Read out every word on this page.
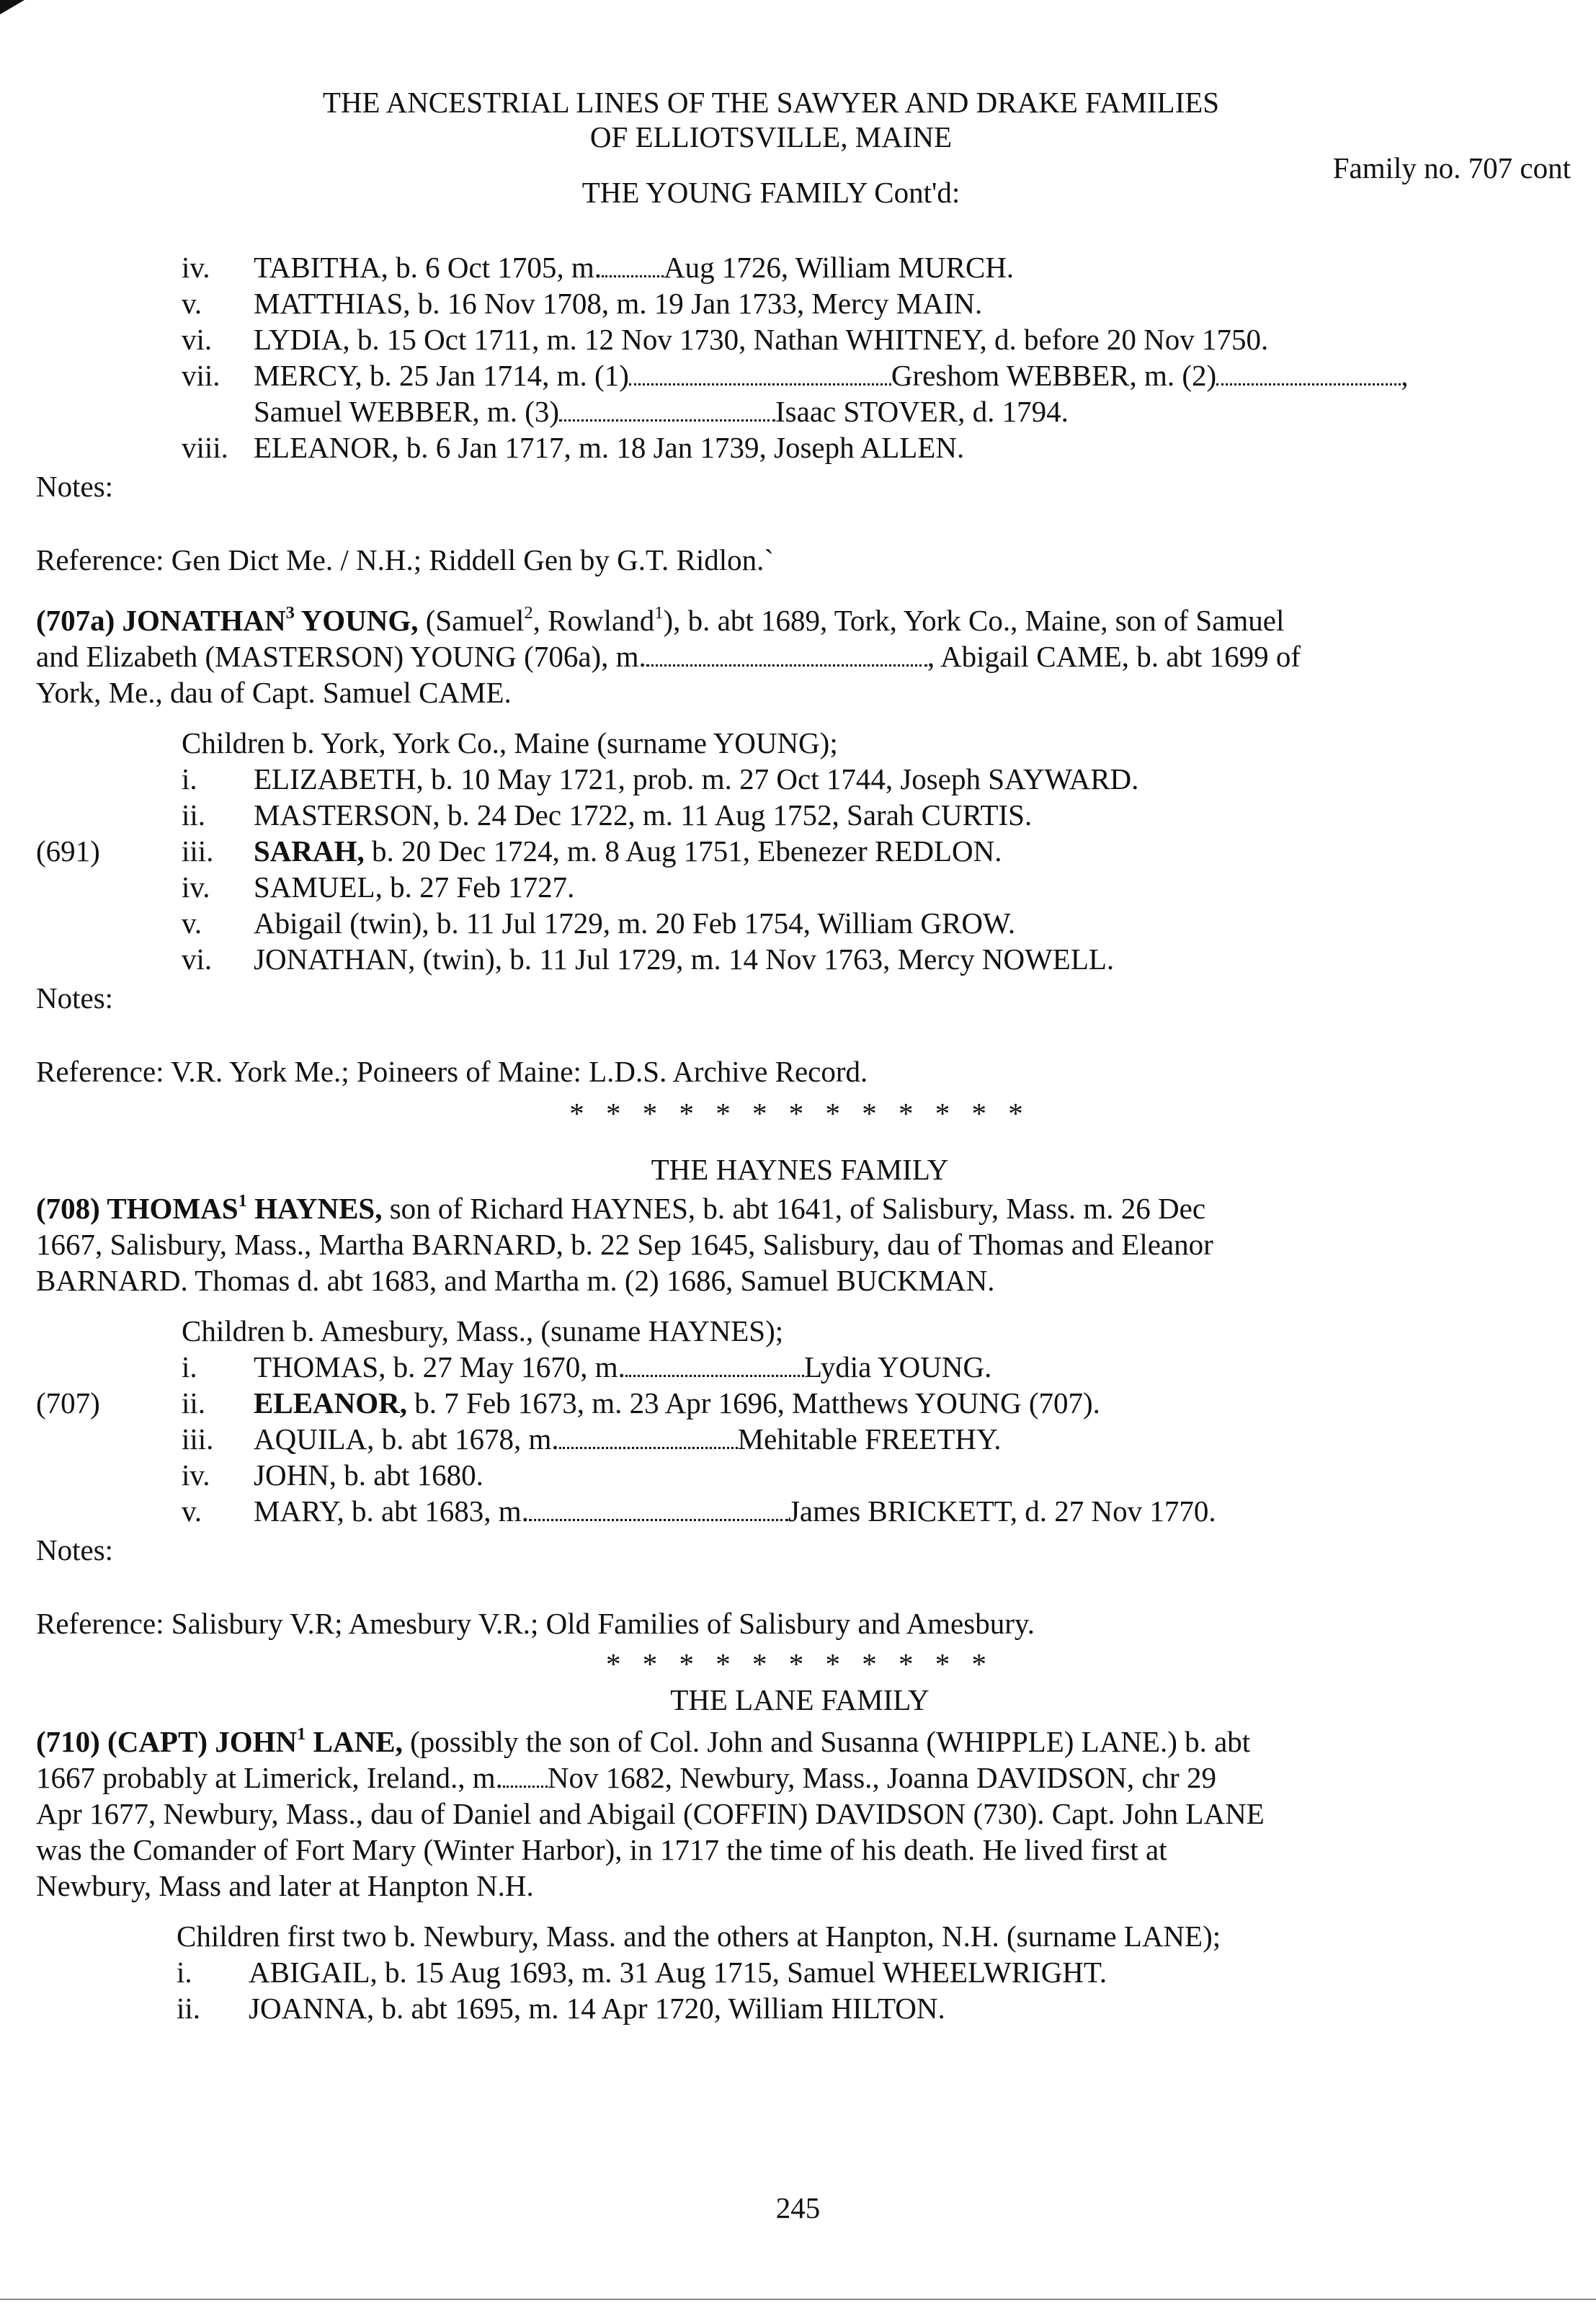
THE ANCESTRIAL LINES OF THE SAWYER AND DRAKE FAMILIES
OF ELLIOTSVILLE, MAINE
Family no. 707 cont
THE YOUNG FAMILY Cont'd:
iv.	TABITHA, b. 6 Oct 1705, m. Aug 1726, William MURCH.
v.	MATTHIAS, b. 16 Nov 1708, m. 19 Jan 1733, Mercy MAIN.
vi.	LYDIA, b. 15 Oct 1711, m. 12 Nov 1730, Nathan WHITNEY, d. before 20 Nov 1750.
vii.	MERCY, b. 25 Jan 1714, m. (1)	Greshom WEBBER, m. (2)	,
Samuel WEBBER, m. (3)	Isaac STOVER, d. 1794.
viii. ELEANOR, b. 6 Jan 1717, m. 18 Jan 1739, Joseph ALLEN.
Notes:
Reference: Gen Dict Me. / N.H.; Riddell Gen by G.T. Ridlon.`
(707a) JONATHAN$^3$ YOUNG, (Samuel$^2$, Rowland$^1$), b. abt 1689, Tork, York Co., Maine, son of Samuel
and Elizabeth (MASTERSON) YOUNG (706a), m.	, Abigail CAME, b. abt 1699 of
York, Me., dau of Capt. Samuel CAME.
Children b. York, York Co., Maine (surname YOUNG);
i.	ELIZABETH, b. 10 May 1721, prob. m. 27 Oct 1744, Joseph SAYWARD.
ii.	MASTERSON, b. 24 Dec 1722, m. 11 Aug 1752, Sarah CURTIS.
(691)	iii.	SARAH, b. 20 Dec 1724, m. 8 Aug 1751, Ebenezer REDLON.
iv.	SAMUEL, b. 27 Feb 1727.
v.	Abigail (twin), b. 11 Jul 1729, m. 20 Feb 1754, William GROW.
vi.	JONATHAN, (twin), b. 11 Jul 1729, m. 14 Nov 1763, Mercy NOWELL.
Notes:
Reference: V.R. York Me.; Poineers of Maine: L.D.S. Archive Record.
* * * * * * * * * * * * *
THE HAYNES FAMILY
(708) THOMAS$^1$ HAYNES, son of Richard HAYNES, b. abt 1641, of Salisbury, Mass. m. 26 Dec
1667, Salisbury, Mass., Martha BARNARD, b. 22 Sep 1645, Salisbury, dau of Thomas and Eleanor
BARNARD. Thomas d. abt 1683, and Martha m. (2) 1686, Samuel BUCKMAN.
Children b. Amesbury, Mass., (suname HAYNES);
i.	THOMAS, b. 27 May 1670, m.	Lydia YOUNG.
(707)	ii.	ELEANOR, b. 7 Feb 1673, m. 23 Apr 1696, Matthews YOUNG (707).
iii.	AQUILA, b. abt 1678, m.	Mehitable FREETHY.
iv.	JOHN, b. abt 1680.
v.	MARY, b. abt 1683, m.	James BRICKETT, d. 27 Nov 1770.
Notes:
Reference: Salisbury V.R; Amesbury V.R.; Old Families of Salisbury and Amesbury.
* * * * * * * * * * *
THE LANE FAMILY
(710) (CAPT) JOHN$^1$ LANE, (possibly the son of Col. John and Susanna (WHIPPLE) LANE.) b. abt
1667 probably at Limerick, Ireland., m. Nov 1682, Newbury, Mass., Joanna DAVIDSON, chr 29
Apr 1677, Newbury, Mass., dau of Daniel and Abigail (COFFIN) DAVIDSON (730). Capt. John LANE
was the Comander of Fort Mary (Winter Harbor), in 1717 the time of his death. He lived first at
Newbury, Mass and later at Hanpton N.H.
Children first two b. Newbury, Mass. and the others at Hanpton, N.H. (surname LANE);
i.	ABIGAIL, b. 15 Aug 1693, m. 31 Aug 1715, Samuel WHEELWRIGHT.
ii.	JOANNA, b. abt 1695, m. 14 Apr 1720, William HILTON.
245
